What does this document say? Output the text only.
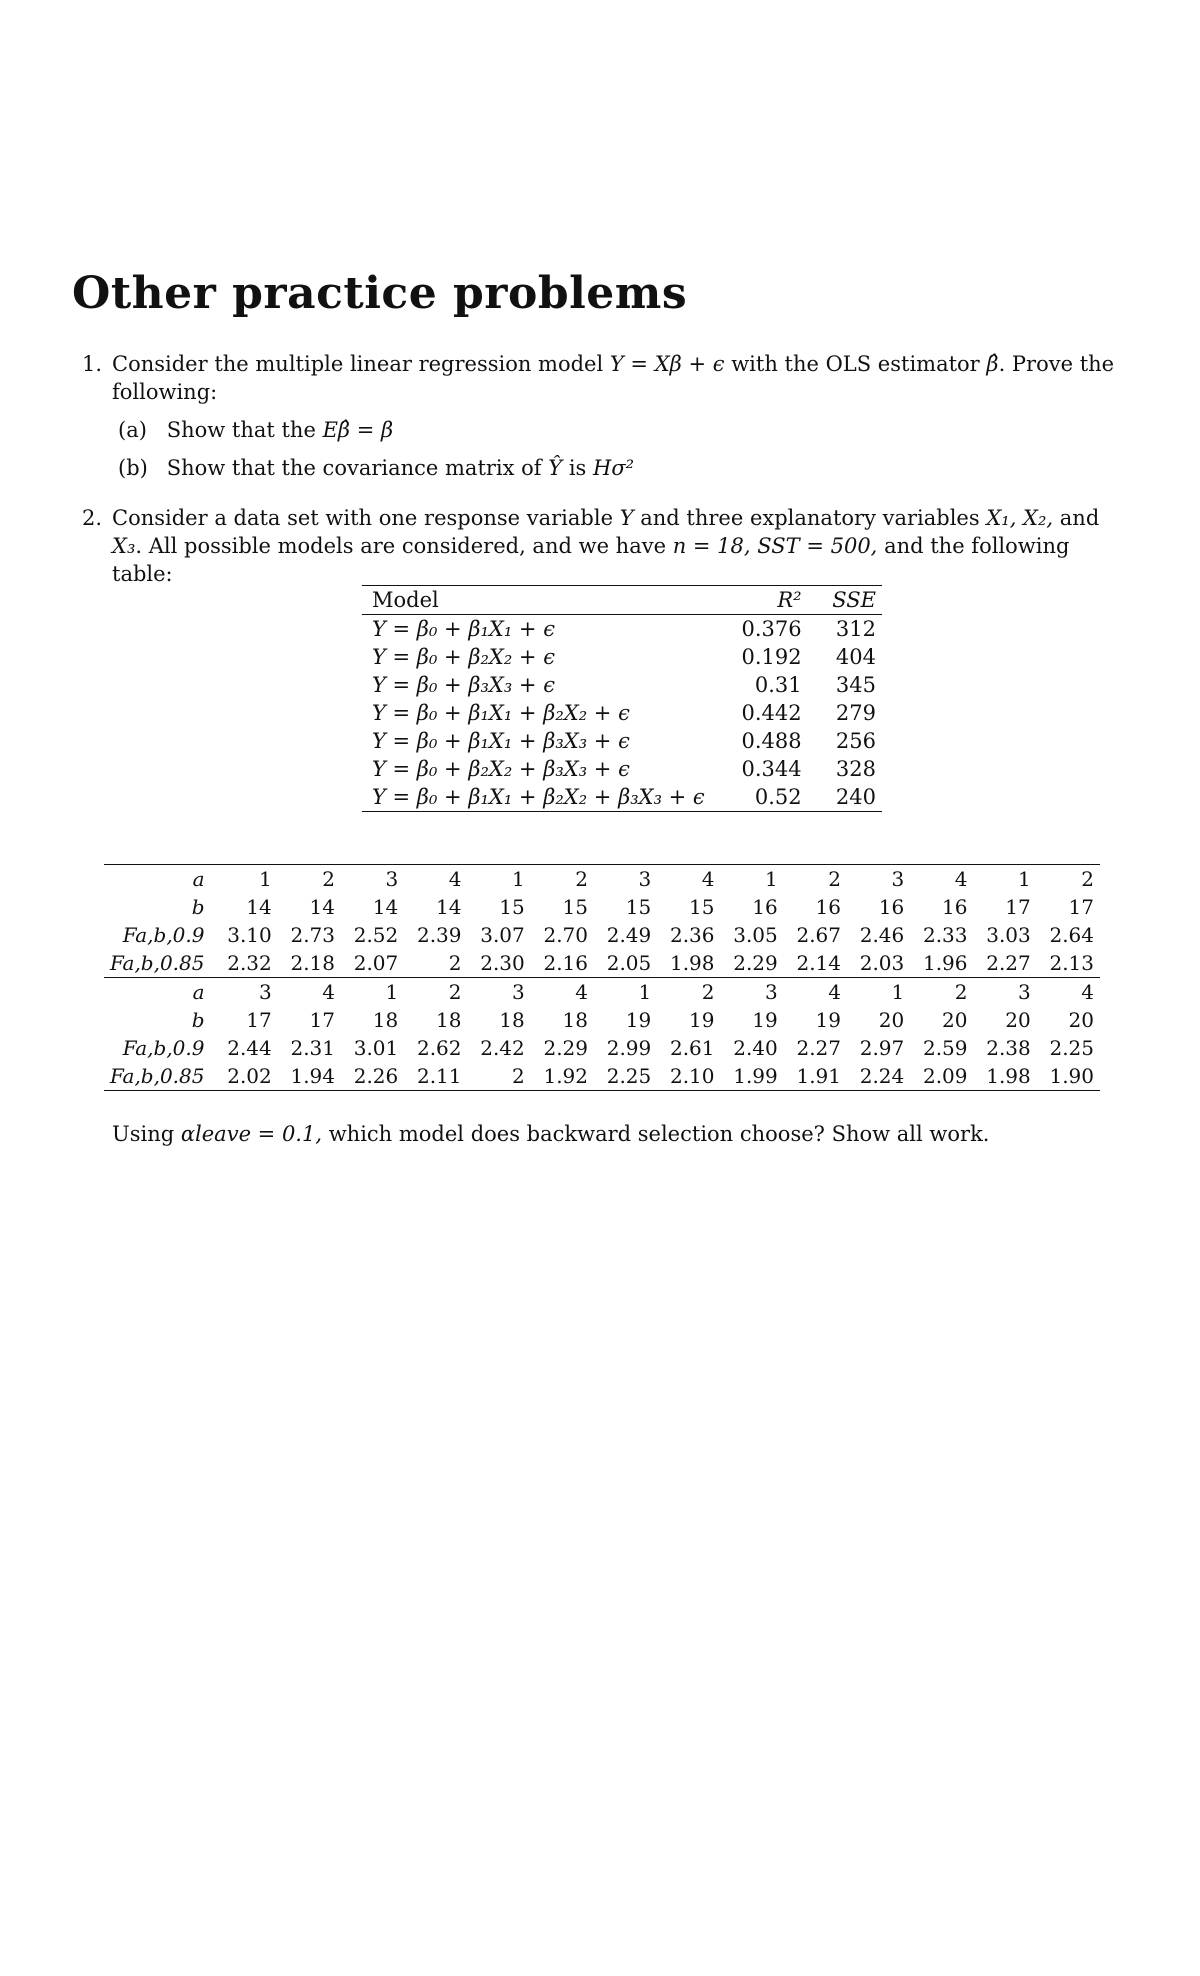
Other practice problems
1. Consider the multiple linear regression model Y = Xβ + ϵ with the OLS estimator β̂. Prove the following:
(a) Show that the Eβ̂ = β
(b) Show that the covariance matrix of Ŷ is Hσ²
2. Consider a data set with one response variable Y and three explanatory variables X₁, X₂, and X₃. All possible models are considered, and we have n = 18, SST = 500, and the following table:
Model	R²	SSE
Y = β₀ + β₁X₁ + ϵ	0.376	312
Y = β₀ + β₂X₂ + ϵ	0.192	404
Y = β₀ + β₃X₃ + ϵ	0.31	345
Y = β₀ + β₁X₁ + β₂X₂ + ϵ	0.442	279
Y = β₀ + β₁X₁ + β₃X₃ + ϵ	0.488	256
Y = β₀ + β₂X₂ + β₃X₃ + ϵ	0.344	328
Y = β₀ + β₁X₁ + β₂X₂ + β₃X₃ + ϵ	0.52	240
a	1	2	3	4	1	2	3	4	1	2	3	4	1	2
b	14	14	14	14	15	15	15	15	16	16	16	16	17	17
Fa,b,0.9	3.10	2.73	2.52	2.39	3.07	2.70	2.49	2.36	3.05	2.67	2.46	2.33	3.03	2.64
Fa,b,0.85	2.32	2.18	2.07	2	2.30	2.16	2.05	1.98	2.29	2.14	2.03	1.96	2.27	2.13
a	3	4	1	2	3	4	1	2	3	4	1	2	3	4
b	17	17	18	18	18	18	19	19	19	19	20	20	20	20
Fa,b,0.9	2.44	2.31	3.01	2.62	2.42	2.29	2.99	2.61	2.40	2.27	2.97	2.59	2.38	2.25
Fa,b,0.85	2.02	1.94	2.26	2.11	2	1.92	2.25	2.10	1.99	1.91	2.24	2.09	1.98	1.90
Using αleave = 0.1, which model does backward selection choose? Show all work.
